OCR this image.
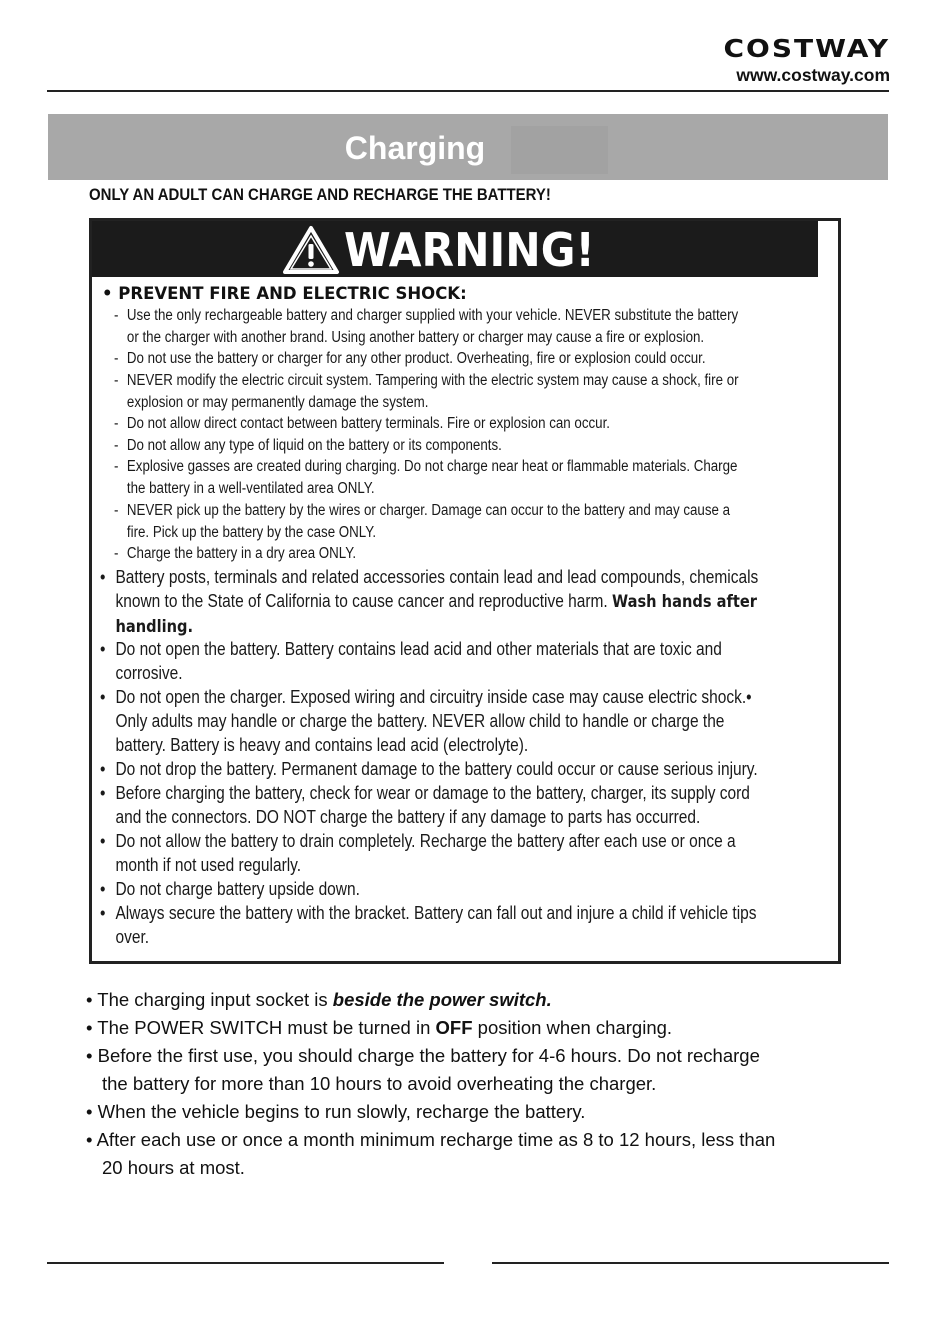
COSTWAY
www.costway.com
Charging
ONLY AN ADULT CAN CHARGE AND RECHARGE THE BATTERY!
WARNING!
• PREVENT FIRE AND ELECTRIC SHOCK:
- Use the only rechargeable battery and charger supplied with your vehicle. NEVER substitute the battery
or the charger with another brand. Using another battery or charger may cause a fire or explosion.
- Do not use the battery or charger for any other product. Overheating, fire or explosion could occur.
- NEVER modify the electric circuit system. Tampering with the electric system may cause a shock, fire or
explosion or may permanently damage the system.
- Do not allow direct contact between battery terminals. Fire or explosion can occur.
- Do not allow any type of liquid on the battery or its components.
- Explosive gasses are created during charging. Do not charge near heat or flammable materials. Charge
the battery in a well-ventilated area ONLY.
- NEVER pick up the battery by the wires or charger. Damage can occur to the battery and may cause a
fire. Pick up the battery by the case ONLY.
- Charge the battery in a dry area ONLY.
• Battery posts, terminals and related accessories contain lead and lead compounds, chemicals
known to the State of California to cause cancer and reproductive harm. Wash hands after
handling.
• Do not open the battery. Battery contains lead acid and other materials that are toxic and
corrosive.
• Do not open the charger. Exposed wiring and circuitry inside case may cause electric shock.•
Only adults may handle or charge the battery. NEVER allow child to handle or charge the
battery. Battery is heavy and contains lead acid (electrolyte).
• Do not drop the battery. Permanent damage to the battery could occur or cause serious injury.
• Before charging the battery, check for wear or damage to the battery, charger, its supply cord
and the connectors. DO NOT charge the battery if any damage to parts has occurred.
• Do not allow the battery to drain completely. Recharge the battery after each use or once a
month if not used regularly.
• Do not charge battery upside down.
• Always secure the battery with the bracket. Battery can fall out and injure a child if vehicle tips
over.
• The charging input socket is beside the power switch.
• The POWER SWITCH must be turned in OFF position when charging.
• Before the first use, you should charge the battery for 4-6 hours. Do not recharge
the battery for more than 10 hours to avoid overheating the charger.
• When the vehicle begins to run slowly, recharge the battery.
• After each use or once a month minimum recharge time as 8 to 12 hours, less than
20 hours at most.
